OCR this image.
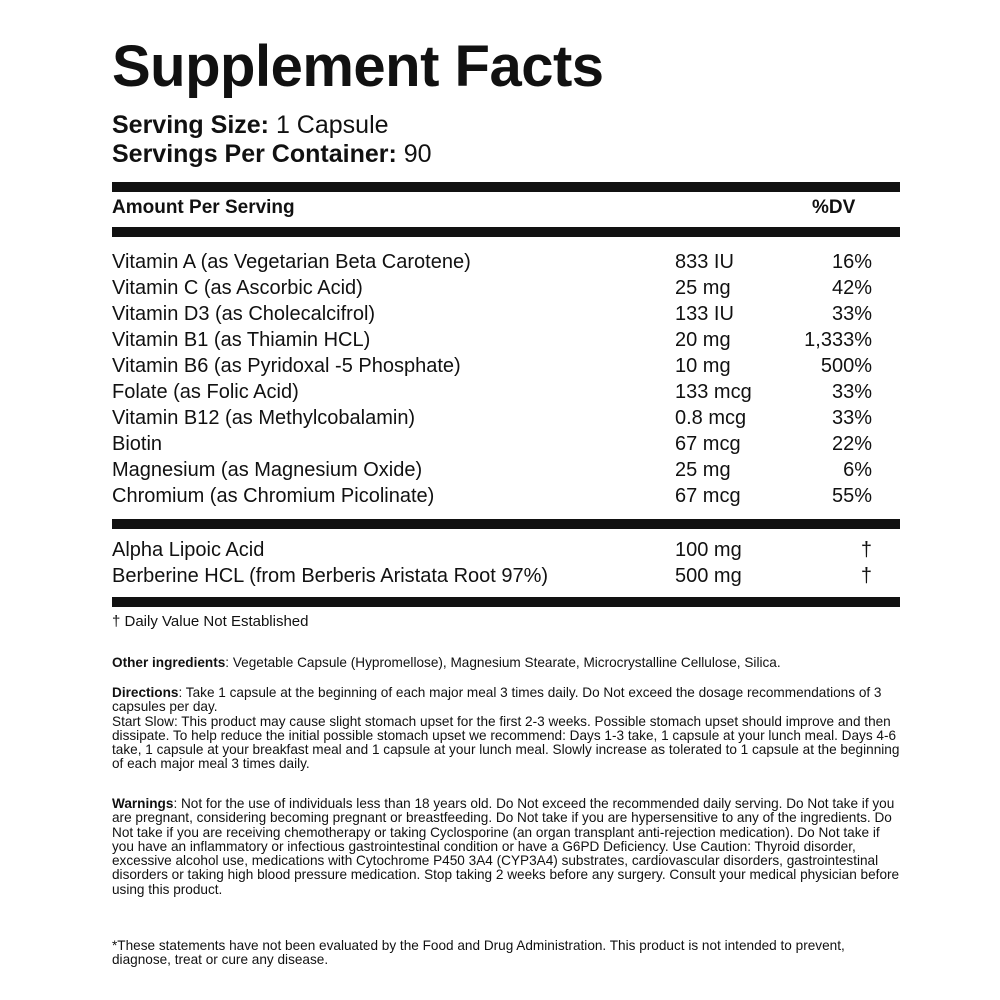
Supplement Facts
Serving Size: 1 Capsule
Servings Per Container: 90
Amount Per Serving	%DV
Vitamin A (as Vegetarian Beta Carotene)	833 IU	16%
Vitamin C (as Ascorbic Acid)	25 mg	42%
Vitamin D3 (as Cholecalcifrol)	133 IU	33%
Vitamin B1 (as Thiamin HCL)	20 mg	1,333%
Vitamin B6 (as Pyridoxal -5 Phosphate)	10 mg	500%
Folate (as Folic Acid)	133 mcg	33%
Vitamin B12 (as Methylcobalamin)	0.8 mcg	33%
Biotin	67 mcg	22%
Magnesium (as Magnesium Oxide)	25 mg	6%
Chromium (as Chromium Picolinate)	67 mcg	55%
Alpha Lipoic Acid	100 mg	†
Berberine HCL (from Berberis Aristata Root 97%)	500 mg	†
† Daily Value Not Established
Other ingredients: Vegetable Capsule (Hypromellose), Magnesium Stearate, Microcrystalline Cellulose, Silica.
Directions: Take 1 capsule at the beginning of each major meal 3 times daily. Do Not exceed the dosage recommendations of 3 capsules per day.
Start Slow: This product may cause slight stomach upset for the first 2-3 weeks. Possible stomach upset should improve and then dissipate. To help reduce the initial possible stomach upset we recommend: Days 1-3 take, 1 capsule at your lunch meal. Days 4-6 take, 1 capsule at your breakfast meal and 1 capsule at your lunch meal. Slowly increase as tolerated to 1 capsule at the beginning of each major meal 3 times daily.
Warnings: Not for the use of individuals less than 18 years old. Do Not exceed the recommended daily serving. Do Not take if you are pregnant, considering becoming pregnant or breastfeeding. Do Not take if you are hypersensitive to any of the ingredients. Do Not take if you are receiving chemotherapy or taking Cyclosporine (an organ transplant anti-rejection medication). Do Not take if you have an inflammatory or infectious gastrointestinal condition or have a G6PD Deficiency. Use Caution: Thyroid disorder, excessive alcohol use, medications with Cytochrome P450 3A4 (CYP3A4) substrates, cardiovascular disorders, gastrointestinal disorders or taking high blood pressure medication. Stop taking 2 weeks before any surgery. Consult your medical physician before using this product.
*These statements have not been evaluated by the Food and Drug Administration. This product is not intended to prevent, diagnose, treat or cure any disease.
